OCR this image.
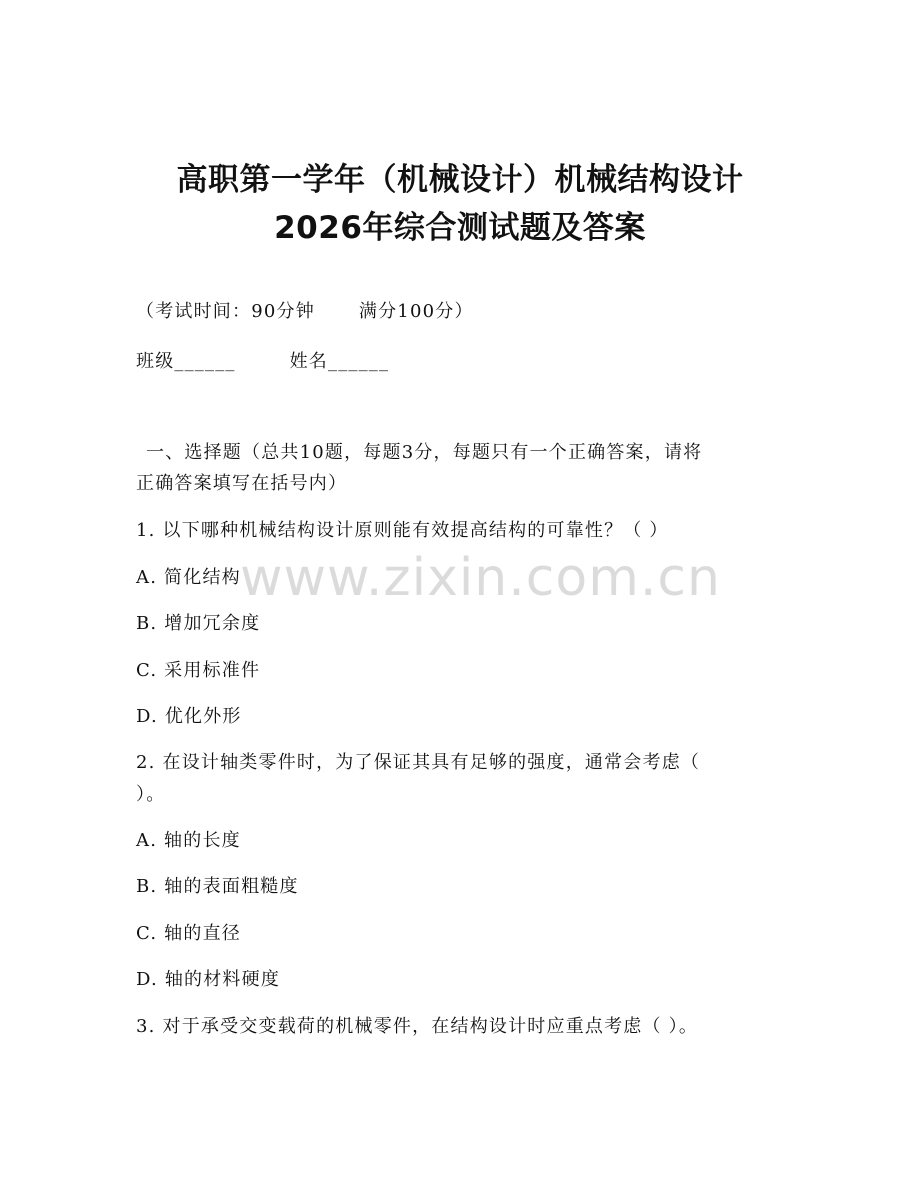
高职第一学年（机械设计）机械结构设计
2026年综合测试题及答案
（考试时间：90分钟 满分100分）
班级______	姓名______
一、选择题（总共10题，每题3分，每题只有一个正确答案，请将
正确答案填写在括号内）
1. 以下哪种机械结构设计原则能有效提高结构的可靠性？（ ）
A. 简化结构
B. 增加冗余度
C. 采用标准件
D. 优化外形
2. 在设计轴类零件时，为了保证其具有足够的强度，通常会考虑（
）。
A. 轴的长度
B. 轴的表面粗糙度
C. 轴的直径
D. 轴的材料硬度
3. 对于承受交变载荷的机械零件，在结构设计时应重点考虑（ ）。
www.zixin.com.cn
